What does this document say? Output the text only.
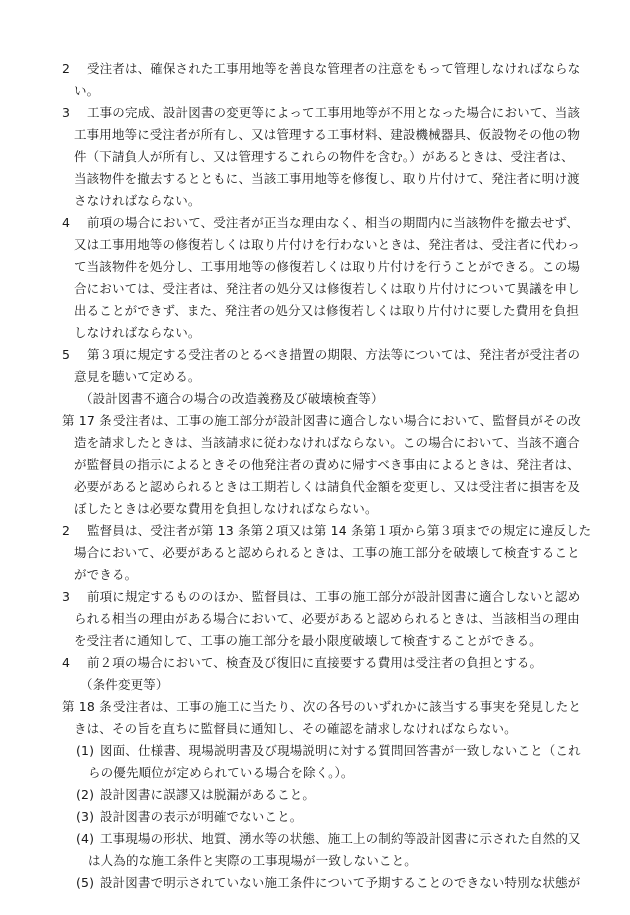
2 受注者は、確保された工事用地等を善良な管理者の注意をもって管理しなければならな
い。
3 工事の完成、設計図書の変更等によって工事用地等が不用となった場合において、当該
工事用地等に受注者が所有し、又は管理する工事材料、建設機械器具、仮設物その他の物
件（下請負人が所有し、又は管理するこれらの物件を含む。）があるときは、受注者は、
当該物件を撤去するとともに、当該工事用地等を修復し、取り片付けて、発注者に明け渡
さなければならない。
4 前項の場合において、受注者が正当な理由なく、相当の期間内に当該物件を撤去せず、
又は工事用地等の修復若しくは取り片付けを行わないときは、発注者は、受注者に代わっ
て当該物件を処分し、工事用地等の修復若しくは取り片付けを行うことができる。この場
合においては、受注者は、発注者の処分又は修復若しくは取り片付けについて異議を申し
出ることができず、また、発注者の処分又は修復若しくは取り片付けに要した費用を負担
しなければならない。
5 第３項に規定する受注者のとるべき措置の期限、方法等については、発注者が受注者の
意見を聴いて定める。
（設計図書不適合の場合の改造義務及び破壊検査等）
第 17 条 受注者は、工事の施工部分が設計図書に適合しない場合において、監督員がその改
造を請求したときは、当該請求に従わなければならない。この場合において、当該不適合
が監督員の指示によるときその他発注者の責めに帰すべき事由によるときは、発注者は、
必要があると認められるときは工期若しくは請負代金額を変更し、又は受注者に損害を及
ぼしたときは必要な費用を負担しなければならない。
2 監督員は、受注者が第 13 条第２項又は第 14 条第１項から第３項までの規定に違反した
場合において、必要があると認められるときは、工事の施工部分を破壊して検査すること
ができる。
3 前項に規定するもののほか、監督員は、工事の施工部分が設計図書に適合しないと認め
られる相当の理由がある場合において、必要があると認められるときは、当該相当の理由
を受注者に通知して、工事の施工部分を最小限度破壊して検査することができる。
4 前２項の場合において、検査及び復旧に直接要する費用は受注者の負担とする。
（条件変更等）
第 18 条 受注者は、工事の施工に当たり、次の各号のいずれかに該当する事実を発見したと
きは、その旨を直ちに監督員に通知し、その確認を請求しなければならない。
(1) 図面、仕様書、現場説明書及び現場説明に対する質問回答書が一致しないこと（これ
らの優先順位が定められている場合を除く。）。
(2) 設計図書に誤謬又は脱漏があること。
(3) 設計図書の表示が明確でないこと。
(4) 工事現場の形状、地質、湧水等の状態、施工上の制約等設計図書に示された自然的又
は人為的な施工条件と実際の工事現場が一致しないこと。
(5) 設計図書で明示されていない施工条件について予期することのできない特別な状態が
